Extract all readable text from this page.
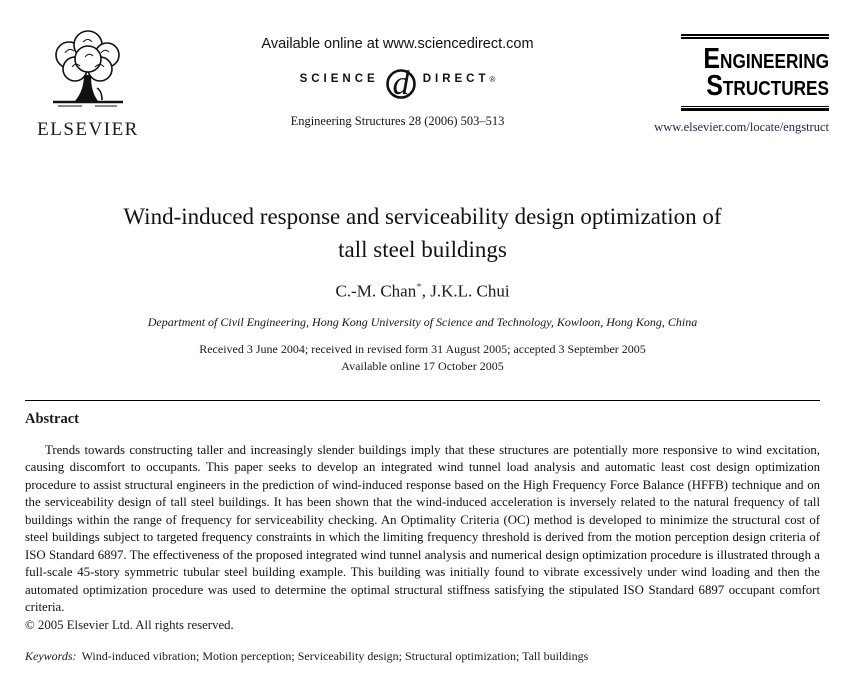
ELSEVIER
Available online at www.sciencedirect.com
SCIENCE d DIRECT ®
Engineering Structures 28 (2006) 503–513
ENGINEERING
STRUCTURES
www.elsevier.com/locate/engstruct
Wind-induced response and serviceability design optimization of
tall steel buildings
C.-M. Chan*, J.K.L. Chui
Department of Civil Engineering, Hong Kong University of Science and Technology, Kowloon, Hong Kong, China
Received 3 June 2004; received in revised form 31 August 2005; accepted 3 September 2005
Available online 17 October 2005
Abstract

Trends towards constructing taller and increasingly slender buildings imply that these structures are potentially more responsive to wind excitation, causing discomfort to occupants. This paper seeks to develop an integrated wind tunnel load analysis and automatic least cost design optimization procedure to assist structural engineers in the prediction of wind-induced response based on the High Frequency Force Balance (HFFB) technique and on the serviceability design of tall steel buildings. It has been shown that the wind-induced acceleration is inversely related to the natural frequency of tall buildings within the range of frequency for serviceability checking. An Optimality Criteria (OC) method is developed to minimize the structural cost of steel buildings subject to targeted frequency constraints in which the limiting frequency threshold is derived from the motion perception design criteria of ISO Standard 6897. The effectiveness of the proposed integrated wind tunnel analysis and numerical design optimization procedure is illustrated through a full-scale 45-story symmetric tubular steel building example. This building was initially found to vibrate excessively under wind loading and then the automated optimization procedure was used to determine the optimal structural stiffness satisfying the stipulated ISO Standard 6897 occupant comfort criteria.

© 2005 Elsevier Ltd. All rights reserved.
Keywords: Wind-induced vibration; Motion perception; Serviceability design; Structural optimization; Tall buildings
